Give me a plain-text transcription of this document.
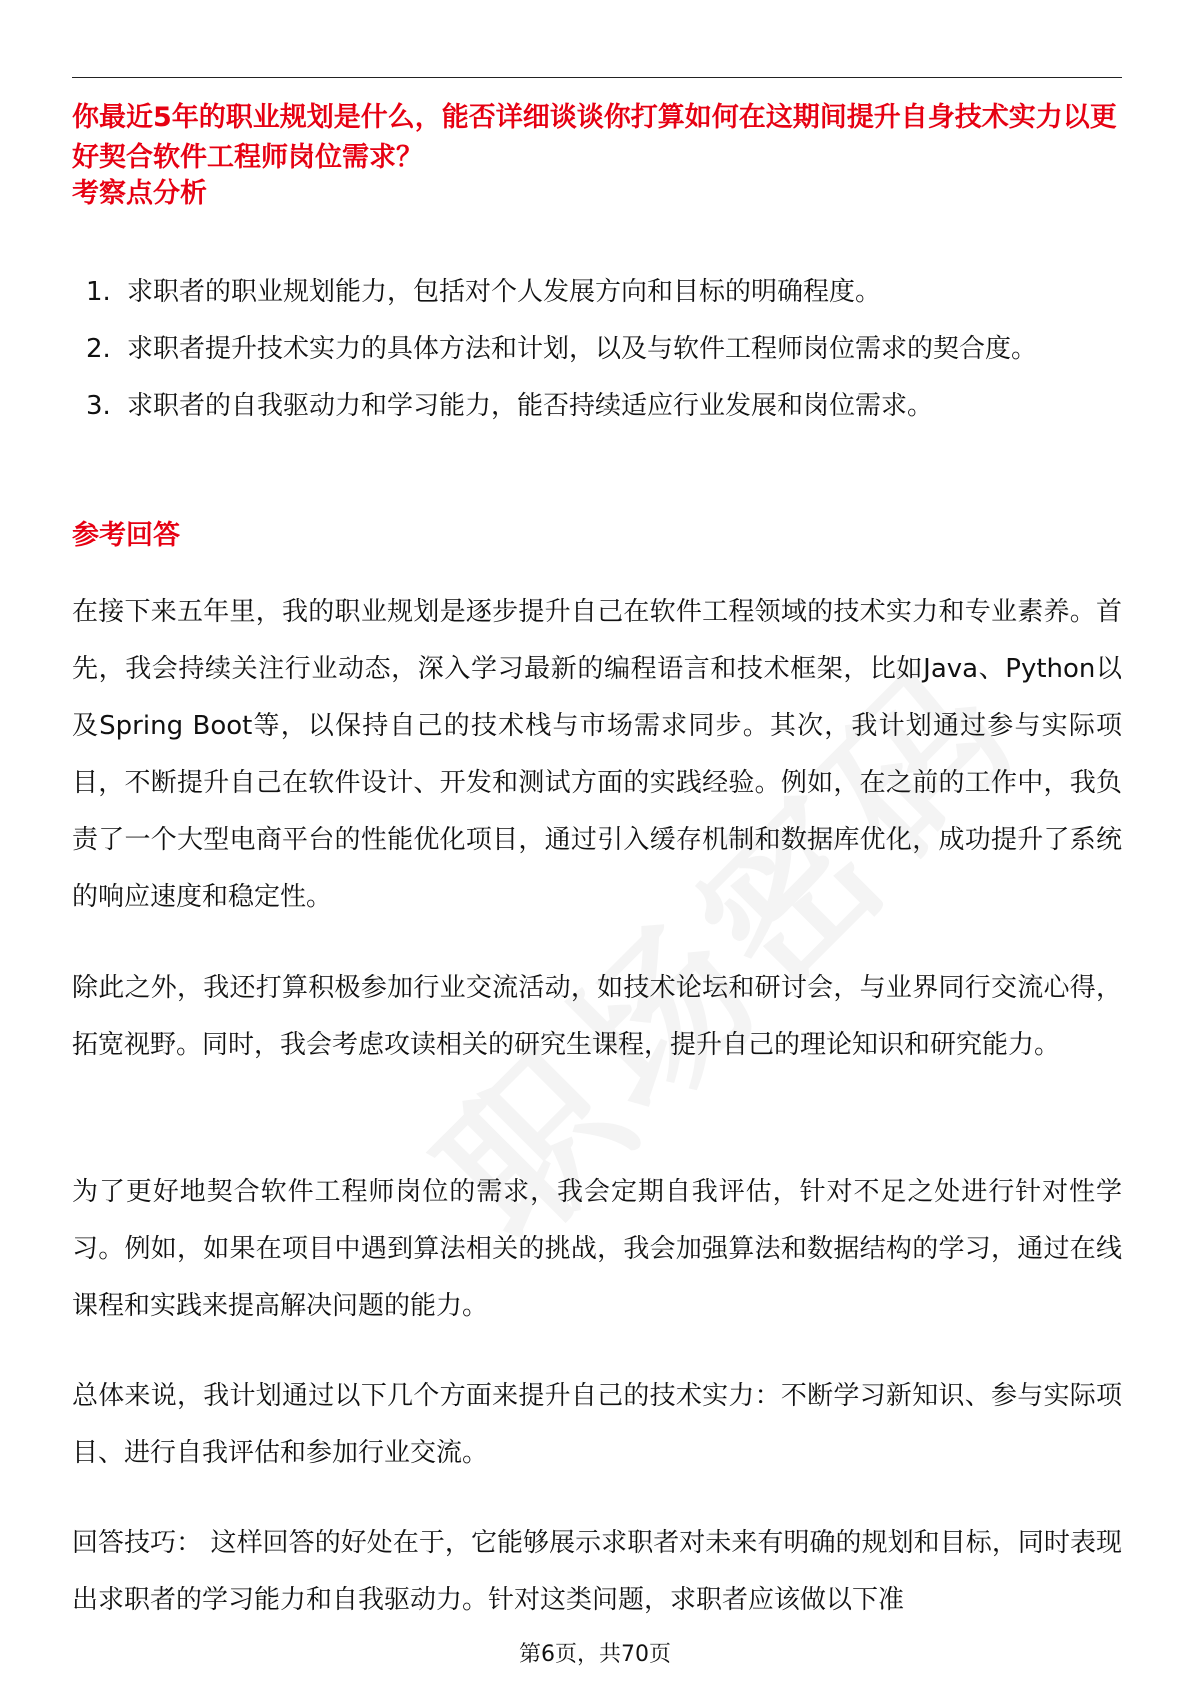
你最近5年的职业规划是什么，能否详细谈谈你打算如何在这期间提升自身技术实力以更好契合软件工程师岗位需求？
考察点分析
1. 求职者的职业规划能力，包括对个人发展方向和目标的明确程度。
2. 求职者提升技术实力的具体方法和计划，以及与软件工程师岗位需求的契合度。
3. 求职者的自我驱动力和学习能力，能否持续适应行业发展和岗位需求。
参考回答

在接下来五年里，我的职业规划是逐步提升自己在软件工程领域的技术实力和专业素养。首先，我会持续关注行业动态，深入学习最新的编程语言和技术框架，比如Java、Python以及Spring Boot等，以保持自己的技术栈与市场需求同步。其次，我计划通过参与实际项目，不断提升自己在软件设计、开发和测试方面的实践经验。例如，在之前的工作中，我负责了一个大型电商平台的性能优化项目，通过引入缓存机制和数据库优化，成功提升了系统的响应速度和稳定性。

除此之外，我还打算积极参加行业交流活动，如技术论坛和研讨会，与业界同行交流心得，拓宽视野。同时，我会考虑攻读相关的研究生课程，提升自己的理论知识和研究能力。

为了更好地契合软件工程师岗位的需求，我会定期自我评估，针对不足之处进行针对性学习。例如，如果在项目中遇到算法相关的挑战，我会加强算法和数据结构的学习，通过在线课程和实践来提高解决问题的能力。

总体来说，我计划通过以下几个方面来提升自己的技术实力：不断学习新知识、参与实际项目、进行自我评估和参加行业交流。

回答技巧： 这样回答的好处在于，它能够展示求职者对未来有明确的规划和目标，同时表现出求职者的学习能力和自我驱动力。针对这类问题，求职者应该做以下准

第6页，共70页
